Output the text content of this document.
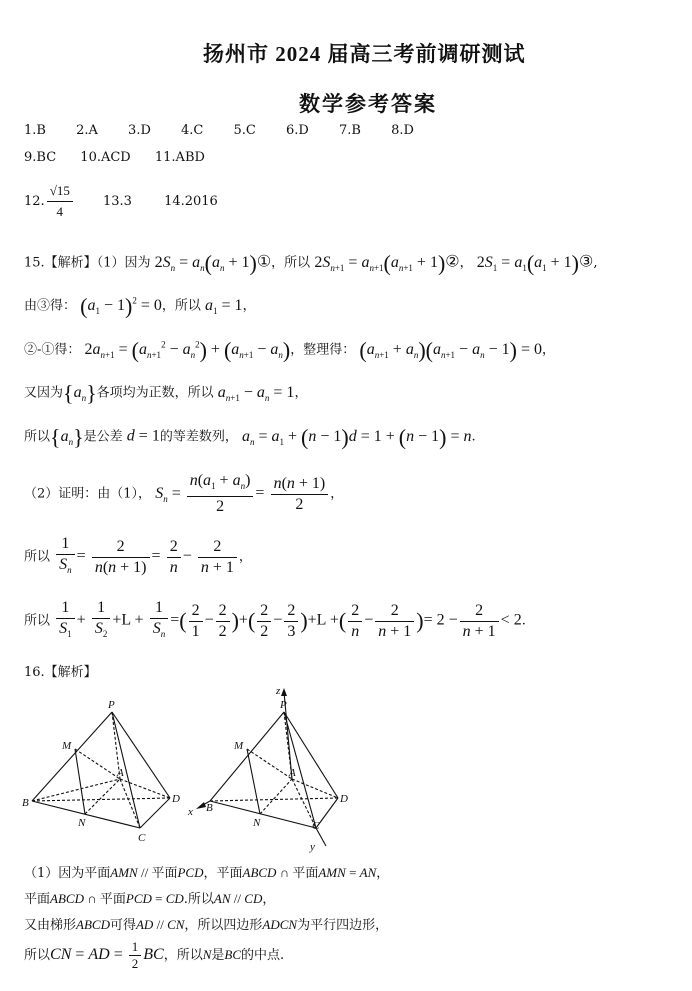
扬州市 2024 届高三考前调研测试
数学参考答案
1.B 2.A 3.D 4.C 5.C 6.D 7.B 8.D
9.BC 10.ACD 11.ABD
12. $\frac{√15}{4} 13.3$ 14.2016
15.【解析】（1）因为 $2S_n = a_n(a_n$ + 1)①，所以 $2S_{n+1} = a_{n+1}(a_{n+1}$ + 1)②， $2S_1 = a_1(a_1$ + 1)③,
由③得： $(a_1 - 1)^2 = 0$，所以 $a_1 = 1$，
②-①得： $2a_{n+1} = (a_{n+1}^2 - a_n^2) + (a_{n+1} - a_n)$，整理得： $(a_{n+1} + a_n)(a_{n+1} - a_n - 1) = 0$，
又因为$\{a_n\}$各项均为正数，所以 $a_{n+1} - a_n = 1$，
所以$\{a_n\}$是公差 d = 1的等差数列， $a_n = a_1 + (n - 1)d = 1 + (n - 1) = n$.
（2）证明：由（1）， $S_n = \frac{n(a_1 + a_n)}{2} = \frac{n(n + 1)}{2}$ ，
所以 $\frac{1}{S_n} = \frac{2}{n(n + 1)} = \frac{2}{n} - \frac{2}{n + 1}$ ，
所以 $\frac{1}{S_1} + \frac{1}{S_2} +L + \frac{1}{S_n}$ =( $\frac{2}{1} - \frac{2}{2}$ )+( $\frac{2}{2} - \frac{2}{3} )+L$ +( $\frac{2}{n} - \frac{2}{n + 1}$ )= $2 - \frac{2}{n + 1} < 2$.
16.【解析】
P
M
A
B	D
N
C
P
M
A
B
D
N	C
z
x
y
（1）因为平面AMN // 平面PCD，平面ABCD ∩ 平面AMN = AN，
平面ABCD ∩ 平面PCD = CD.所以AN // CD，
又由梯形ABCD可得AD // CN，所以四边形ADCN为平行四边形，
所以CN = AD = $\frac{1}{2}$ BC，所以N是BC的中点.
